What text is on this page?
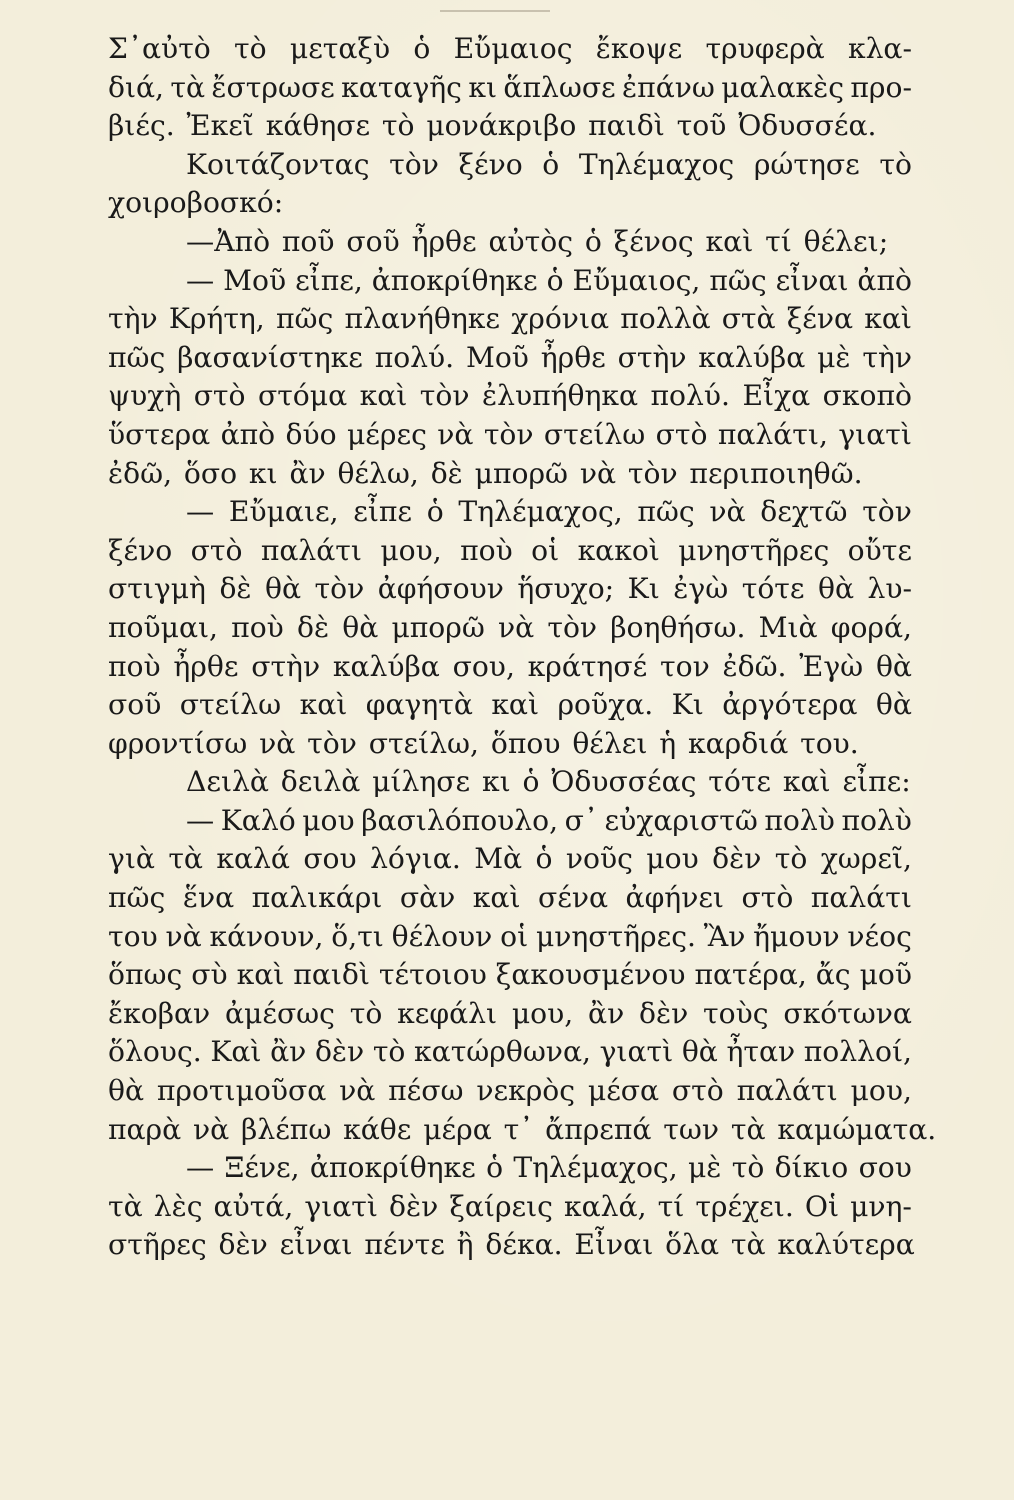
Σ᾽αὐτὸ τὸ μεταξὺ ὁ Εὔμαιος ἔκοψε τρυφερὰ κλα-
διά, τὰ ἔστρωσε καταγῆς κι ἅπλωσε ἐπάνω μαλακὲς προ-
βιές. Ἐκεῖ κάθησε τὸ μονάκριβο παιδὶ τοῦ Ὀδυσσέα.
Κοιτάζοντας τὸν ξένο ὁ Τηλέμαχος ρώτησε τὸ
χοιροβοσκό:
—Ἀπὸ ποῦ σοῦ ἦρθε αὐτὸς ὁ ξένος καὶ τί θέλει;
— Μοῦ εἶπε, ἀποκρίθηκε ὁ Εὔμαιος, πῶς εἶναι ἀπὸ
τὴν Κρήτη, πῶς πλανήθηκε χρόνια πολλὰ στὰ ξένα καὶ
πῶς βασανίστηκε πολύ. Μοῦ ἦρθε στὴν καλύβα μὲ τὴν
ψυχὴ στὸ στόμα καὶ τὸν ἐλυπήθηκα πολύ. Εἶχα σκοπὸ
ὕστερα ἀπὸ δύο μέρες νὰ τὸν στείλω στὸ παλάτι, γιατὶ
ἐδῶ, ὅσο κι ἂν θέλω, δὲ μπορῶ νὰ τὸν περιποιηθῶ.
— Εὔμαιε, εἶπε ὁ Τηλέμαχος, πῶς νὰ δεχτῶ τὸν
ξένο στὸ παλάτι μου, ποὺ οἱ κακοὶ μνηστῆρες οὔτε
στιγμὴ δὲ θὰ τὸν ἀφήσουν ἥσυχο; Κι ἐγὼ τότε θὰ λυ-
ποῦμαι, ποὺ δὲ θὰ μπορῶ νὰ τὸν βοηθήσω. Μιὰ φορά,
ποὺ ἦρθε στὴν καλύβα σου, κράτησέ τον ἐδῶ. Ἐγὼ θὰ
σοῦ στείλω καὶ φαγητὰ καὶ ροῦχα. Κι ἀργότερα θὰ
φροντίσω νὰ τὸν στείλω, ὅπου θέλει ἡ καρδιά του.
Δειλὰ δειλὰ μίλησε κι ὁ Ὀδυσσέας τότε καὶ εἶπε:
— Καλό μου βασιλόπουλο, σ᾽ εὐχαριστῶ πολὺ πολὺ
γιὰ τὰ καλά σου λόγια. Μὰ ὁ νοῦς μου δὲν τὸ χωρεῖ,
πῶς ἕνα παλικάρι σὰν καὶ σένα ἀφήνει στὸ παλάτι
του νὰ κάνουν, ὅ,τι θέλουν οἱ μνηστῆρες. Ἂν ἤμουν νέος
ὅπως σὺ καὶ παιδὶ τέτοιου ξακουσμένου πατέρα, ἄς μοῦ
ἔκοβαν ἀμέσως τὸ κεφάλι μου, ἂν δὲν τοὺς σκότωνα
ὅλους. Καὶ ἂν δὲν τὸ κατώρθωνα, γιατὶ θὰ ἦταν πολλοί,
θὰ προτιμοῦσα νὰ πέσω νεκρὸς μέσα στὸ παλάτι μου,
παρὰ νὰ βλέπω κάθε μέρα τ᾽ ἄπρεπά των τὰ καμώματα.
— Ξένε, ἀποκρίθηκε ὁ Τηλέμαχος, μὲ τὸ δίκιο σου
τὰ λὲς αὐτά, γιατὶ δὲν ξαίρεις καλά, τί τρέχει. Οἱ μνη-
στῆρες δὲν εἶναι πέντε ἢ δέκα. Εἶναι ὅλα τὰ καλύτερα
